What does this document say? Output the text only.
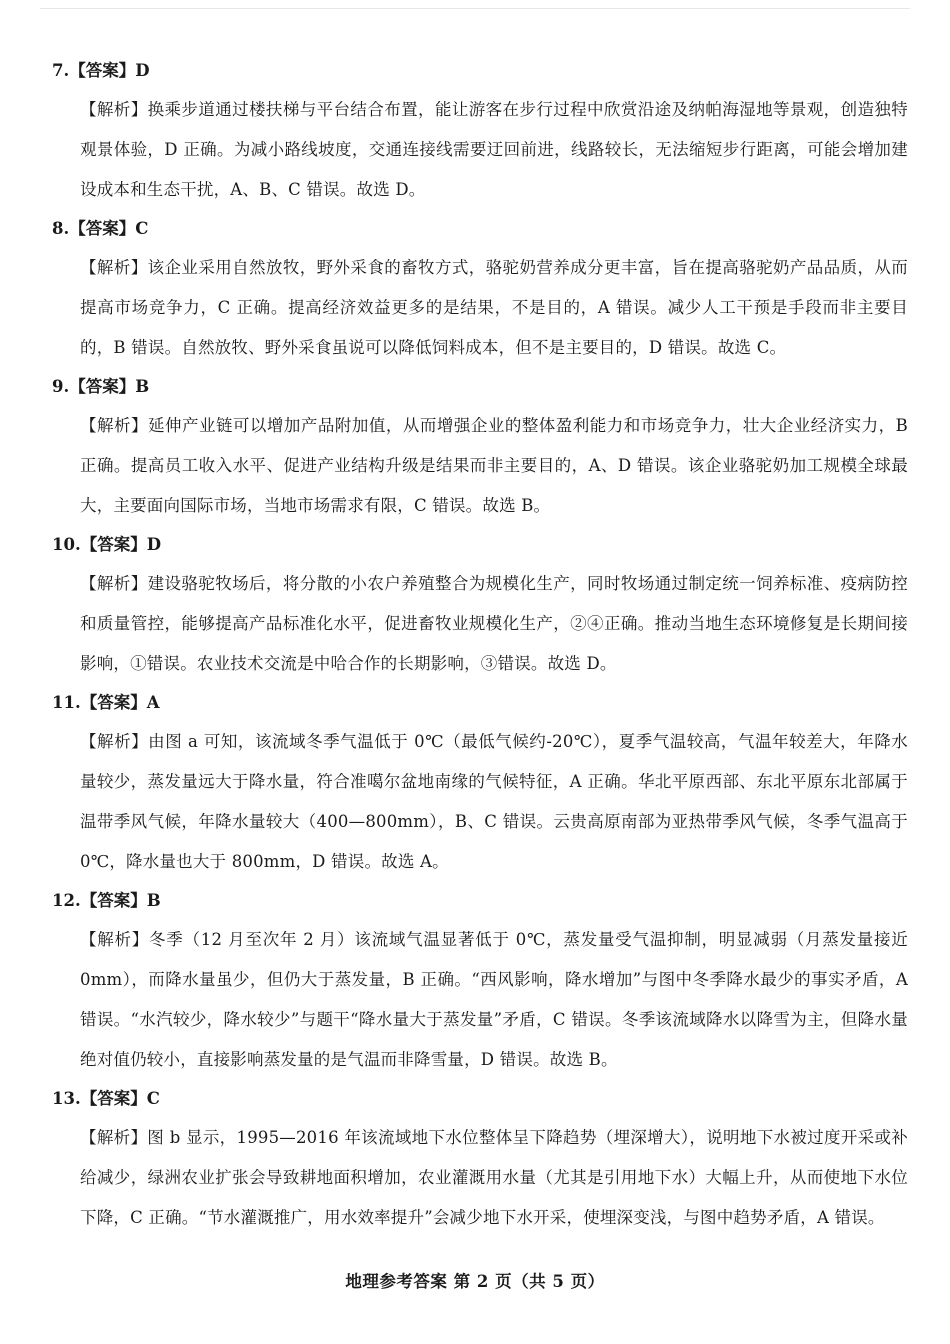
7.【答案】D
【解析】换乘步道通过楼扶梯与平台结合布置，能让游客在步行过程中欣赏沿途及纳帕海湿地等景观，创造独特观景体验，D 正确。为减小路线坡度，交通连接线需要迂回前进，线路较长，无法缩短步行距离，可能会增加建设成本和生态干扰，A、B、C 错误。故选 D。
8.【答案】C
【解析】该企业采用自然放牧，野外采食的畜牧方式，骆驼奶营养成分更丰富，旨在提高骆驼奶产品品质，从而提高市场竞争力，C 正确。提高经济效益更多的是结果，不是目的，A 错误。减少人工干预是手段而非主要目的，B 错误。自然放牧、野外采食虽说可以降低饲料成本，但不是主要目的，D 错误。故选 C。
9.【答案】B
【解析】延伸产业链可以增加产品附加值，从而增强企业的整体盈利能力和市场竞争力，壮大企业经济实力，B 正确。提高员工收入水平、促进产业结构升级是结果而非主要目的，A、D 错误。该企业骆驼奶加工规模全球最大，主要面向国际市场，当地市场需求有限，C 错误。故选 B。
10.【答案】D
【解析】建设骆驼牧场后，将分散的小农户养殖整合为规模化生产，同时牧场通过制定统一饲养标准、疫病防控和质量管控，能够提高产品标准化水平，促进畜牧业规模化生产，②④正确。推动当地生态环境修复是长期间接影响，①错误。农业技术交流是中哈合作的长期影响，③错误。故选 D。
11.【答案】A
【解析】由图 a 可知，该流域冬季气温低于 0℃（最低气候约-20℃），夏季气温较高，气温年较差大，年降水量较少，蒸发量远大于降水量，符合准噶尔盆地南缘的气候特征，A 正确。华北平原西部、东北平原东北部属于温带季风气候，年降水量较大（400—800mm），B、C 错误。云贵高原南部为亚热带季风气候，冬季气温高于 0℃，降水量也大于 800mm，D 错误。故选 A。
12.【答案】B
【解析】冬季（12 月至次年 2 月）该流域气温显著低于 0℃，蒸发量受气温抑制，明显减弱（月蒸发量接近 0mm），而降水量虽少，但仍大于蒸发量，B 正确。“西风影响，降水增加”与图中冬季降水最少的事实矛盾，A 错误。“水汽较少，降水较少”与题干“降水量大于蒸发量”矛盾，C 错误。冬季该流域降水以降雪为主，但降水量绝对值仍较小，直接影响蒸发量的是气温而非降雪量，D 错误。故选 B。
13.【答案】C
【解析】图 b 显示，1995—2016 年该流域地下水位整体呈下降趋势（埋深增大），说明地下水被过度开采或补给减少，绿洲农业扩张会导致耕地面积增加，农业灌溉用水量（尤其是引用地下水）大幅上升，从而使地下水位下降，C 正确。“节水灌溉推广，用水效率提升”会减少地下水开采，使埋深变浅，与图中趋势矛盾，A 错误。
地理参考答案 第 2 页（共 5 页）
